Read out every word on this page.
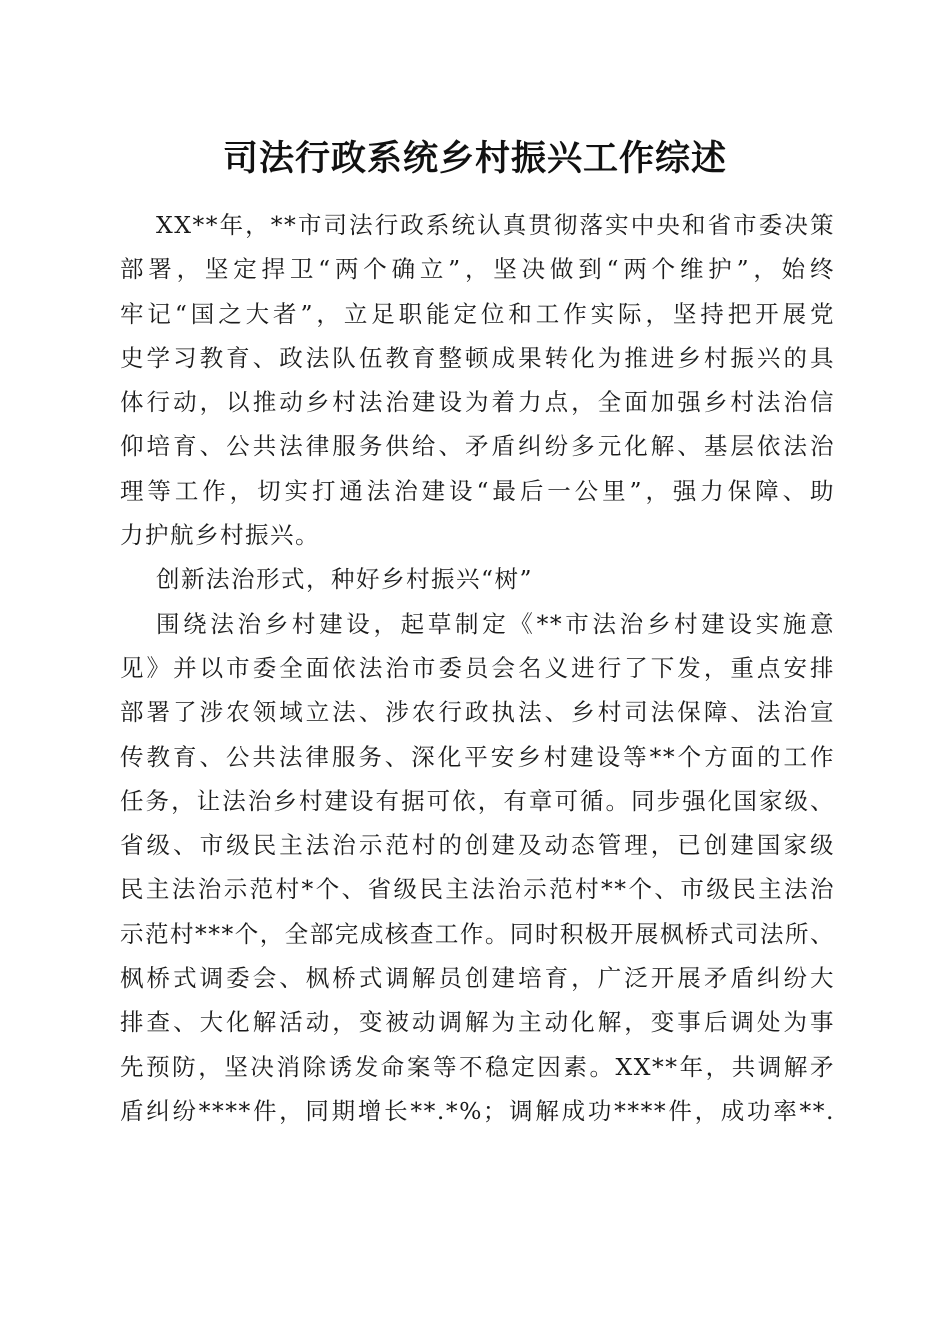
司法行政系统乡村振兴工作综述
XX**年，**市司法行政系统认真贯彻落实中央和省市委决策
部署，坚定捍卫“两个确立”，坚决做到“两个维护”，始终
牢记“国之大者”，立足职能定位和工作实际，坚持把开展党
史学习教育、政法队伍教育整顿成果转化为推进乡村振兴的具
体行动，以推动乡村法治建设为着力点，全面加强乡村法治信
仰培育、公共法律服务供给、矛盾纠纷多元化解、基层依法治
理等工作，切实打通法治建设“最后一公里”，强力保障、助
力护航乡村振兴。
创新法治形式，种好乡村振兴“树”
围绕法治乡村建设，起草制定《**市法治乡村建设实施意
见》并以市委全面依法治市委员会名义进行了下发，重点安排
部署了涉农领域立法、涉农行政执法、乡村司法保障、法治宣
传教育、公共法律服务、深化平安乡村建设等**个方面的工作
任务，让法治乡村建设有据可依，有章可循。同步强化国家级、
省级、市级民主法治示范村的创建及动态管理，已创建国家级
民主法治示范村*个、省级民主法治示范村**个、市级民主法治
示范村***个，全部完成核查工作。同时积极开展枫桥式司法所、
枫桥式调委会、枫桥式调解员创建培育，广泛开展矛盾纠纷大
排查、大化解活动，变被动调解为主动化解，变事后调处为事
先预防，坚决消除诱发命案等不稳定因素。XX**年，共调解矛
盾纠纷****件，同期增长**.*%；调解成功****件，成功率**.
